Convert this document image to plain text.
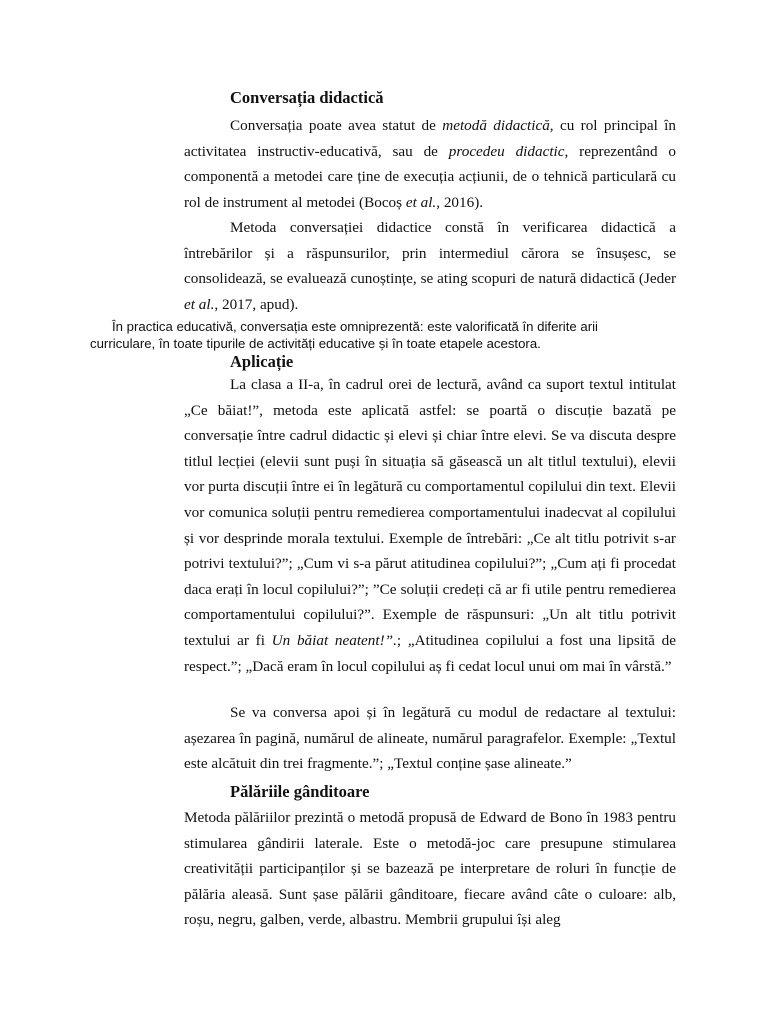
Conversația didactică

Conversația poate avea statut de metodă didactică, cu rol principal în activitatea instructiv-educativă, sau de procedeu didactic, reprezentând o componentă a metodei care ține de execuția acțiunii, de o tehnică particulară cu rol de instrument al metodei (Bocoș et al., 2016).

Metoda conversației didactice constă în verificarea didactică a întrebărilor și a răspunsurilor, prin intermediul cărora se însușesc, se consolidează, se evaluează cunoștințe, se ating scopuri de natură didactică (Jeder et al., 2017, apud).

În practica educativă, conversația este omniprezentă: este valorificată în diferite arii curriculare, în toate tipurile de activități educative și în toate etapele acestora.

Aplicație

La clasa a II-a, în cadrul orei de lectură, având ca suport textul intitulat „Ce băiat!”, metoda este aplicată astfel: se poartă o discuție bazată pe conversație între cadrul didactic și elevi și chiar între elevi. Se va discuta despre titlul lecției (elevii sunt puși în situația să găsească un alt titlul textului), elevii vor purta discuții între ei în legătură cu comportamentul copilului din text. Elevii vor comunica soluții pentru remedierea comportamentului inadecvat al copilului și vor desprinde morala textului. Exemple de întrebări: „Ce alt titlu potrivit s-ar potrivi textului?”; „Cum vi s-a părut atitudinea copilului?”; „Cum ați fi procedat daca erați în locul copilului?”; ”Ce soluții credeți că ar fi utile pentru remedierea comportamentului copilului?”. Exemple de răspunsuri: „Un alt titlu potrivit textului ar fi Un băiat neatent!”.; „Atitudinea copilului a fost una lipsită de respect.”; „Dacă eram în locul copilului aș fi cedat locul unui om mai în vârstă.”

Se va conversa apoi și în legătură cu modul de redactare al textului: așezarea în pagină, numărul de alineate, numărul paragrafelor. Exemple: „Textul este alcătuit din trei fragmente.”; „Textul conține șase alineate.”

Pălăriile gânditoare

Metoda pălăriilor prezintă o metodă propusă de Edward de Bono în 1983 pentru stimularea gândirii laterale. Este o metodă-joc care presupune stimularea creativității participanților și se bazează pe interpretare de roluri în funcție de pălăria aleasă. Sunt șase pălării gânditoare, fiecare având câte o culoare: alb, roșu, negru, galben, verde, albastru. Membrii grupului își aleg
